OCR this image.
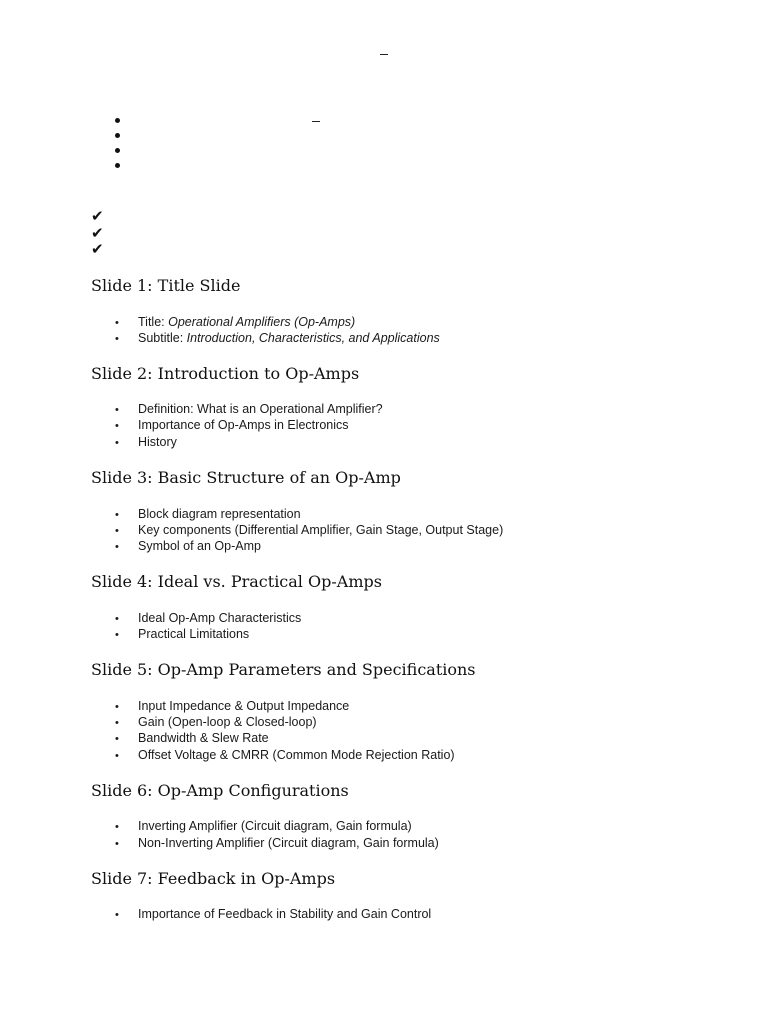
✔
✔
✔
Slide 1: Title Slide
•Title: Operational Amplifiers (Op-Amps)
•Subtitle: Introduction, Characteristics, and Applications
Slide 2: Introduction to Op-Amps
•Definition: What is an Operational Amplifier?
•Importance of Op-Amps in Electronics
•History
Slide 3: Basic Structure of an Op-Amp
•Block diagram representation
•Key components (Differential Amplifier, Gain Stage, Output Stage)
•Symbol of an Op-Amp
Slide 4: Ideal vs. Practical Op-Amps
•Ideal Op-Amp Characteristics
•Practical Limitations
Slide 5: Op-Amp Parameters and Specifications
•Input Impedance & Output Impedance
•Gain (Open-loop & Closed-loop)
•Bandwidth & Slew Rate
•Offset Voltage & CMRR (Common Mode Rejection Ratio)
Slide 6: Op-Amp Configurations
•Inverting Amplifier (Circuit diagram, Gain formula)
•Non-Inverting Amplifier (Circuit diagram, Gain formula)
Slide 7: Feedback in Op-Amps
•Importance of Feedback in Stability and Gain Control
